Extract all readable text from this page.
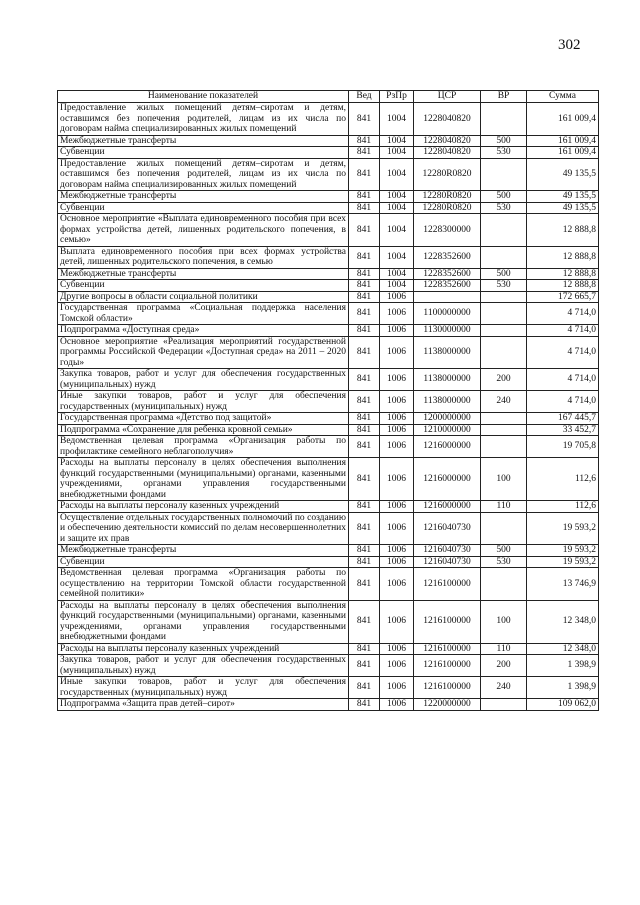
302
Наименование показателей	Вед	РзПр	ЦСР	ВР	Сумма
Предоставление жилых помещений детям–сиротам и детям, оставшимся без попечения родителей, лицам из их числа по договорам найма специализированных жилых помещений	841	1004	1228040820		161 009,4
Межбюджетные трансферты	841	1004	1228040820	500	161 009,4
Субвенции	841	1004	1228040820	530	161 009,4
Предоставление жилых помещений детям–сиротам и детям, оставшимся без попечения родителей, лицам из их числа по договорам найма специализированных жилых помещений	841	1004	12280R0820		49 135,5
Межбюджетные трансферты	841	1004	12280R0820	500	49 135,5
Субвенции	841	1004	12280R0820	530	49 135,5
Основное мероприятие «Выплата единовременного пособия при всех формах устройства детей, лишенных родительского попечения, в семью»	841	1004	1228300000		12 888,8
Выплата единовременного пособия при всех формах устройства детей, лишенных родительского попечения, в семью	841	1004	1228352600		12 888,8
Межбюджетные трансферты	841	1004	1228352600	500	12 888,8
Субвенции	841	1004	1228352600	530	12 888,8
Другие вопросы в области социальной политики	841	1006			172 665,7
Государственная программа «Социальная поддержка населения Томской области»	841	1006	1100000000		4 714,0
Подпрограмма «Доступная среда»	841	1006	1130000000		4 714,0
Основное мероприятие «Реализация мероприятий государственной программы Российской Федерации «Доступная среда» на 2011 – 2020 годы»	841	1006	1138000000		4 714,0
Закупка товаров, работ и услуг для обеспечения государственных (муниципальных) нужд	841	1006	1138000000	200	4 714,0
Иные закупки товаров, работ и услуг для обеспечения государственных (муниципальных) нужд	841	1006	1138000000	240	4 714,0
Государственная программа «Детство под защитой»	841	1006	1200000000		167 445,7
Подпрограмма «Сохранение для ребенка кровной семьи»	841	1006	1210000000		33 452,7
Ведомственная целевая программа «Организация работы по профилактике семейного неблагополучия»	841	1006	1216000000		19 705,8
Расходы на выплаты персоналу в целях обеспечения выполнения функций государственными (муниципальными) органами, казенными учреждениями, органами управления государственными внебюджетными фондами	841	1006	1216000000	100	112,6
Расходы на выплаты персоналу казенных учреждений	841	1006	1216000000	110	112,6
Осуществление отдельных государственных полномочий по созданию и обеспечению деятельности комиссий по делам несовершеннолетних и защите их прав	841	1006	1216040730		19 593,2
Межбюджетные трансферты	841	1006	1216040730	500	19 593,2
Субвенции	841	1006	1216040730	530	19 593,2
Ведомственная целевая программа «Организация работы по осуществлению на территории Томской области государственной семейной политики»	841	1006	1216100000		13 746,9
Расходы на выплаты персоналу в целях обеспечения выполнения функций государственными (муниципальными) органами, казенными учреждениями, органами управления государственными внебюджетными фондами	841	1006	1216100000	100	12 348,0
Расходы на выплаты персоналу казенных учреждений	841	1006	1216100000	110	12 348,0
Закупка товаров, работ и услуг для обеспечения государственных (муниципальных) нужд	841	1006	1216100000	200	1 398,9
Иные закупки товаров, работ и услуг для обеспечения государственных (муниципальных) нужд	841	1006	1216100000	240	1 398,9
Подпрограмма «Защита прав детей–сирот»	841	1006	1220000000		109 062,0
